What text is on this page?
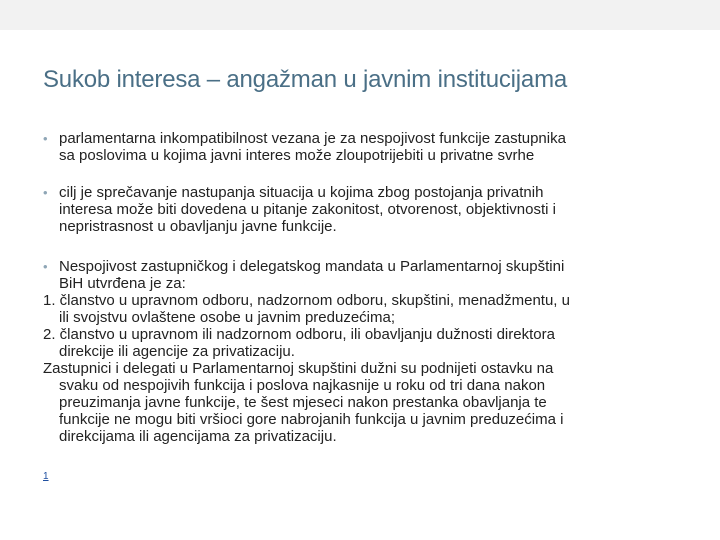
Sukob interesa – angažman u javnim institucijama
• parlamentarna inkompatibilnost vezana je za nespojivost funkcije zastupnika
sa poslovima u kojima javni interes može zloupotrijebiti u privatne svrhe
• cilj je sprečavanje nastupanja situacija u kojima zbog postojanja privatnih
interesa može biti dovedena u pitanje zakonitost, otvorenost, objektivnosti i
nepristrasnost u obavljanju javne funkcije.
• Nespojivost zastupničkog i delegatskog mandata u Parlamentarnoj skupštini
BiH utvrđena je za:
1. članstvo u upravnom odboru, nadzornom odboru, skupštini, menadžmentu, u
ili svojstvu ovlaštene osobe u javnim preduzećima;
2. članstvo u upravnom ili nadzornom odboru, ili obavljanju dužnosti direktora
direkcije ili agencije za privatizaciju.
Zastupnici i delegati u Parlamentarnoj skupštini dužni su podnijeti ostavku na
svaku od nespojivih funkcija i poslova najkasnije u roku od tri dana nakon
preuzimanja javne funkcije, te šest mjeseci nakon prestanka obavljanja te
funkcije ne mogu biti vršioci gore nabrojanih funkcija u javnim preduzećima i
direkcijama ili agencijama za privatizaciju.
1
